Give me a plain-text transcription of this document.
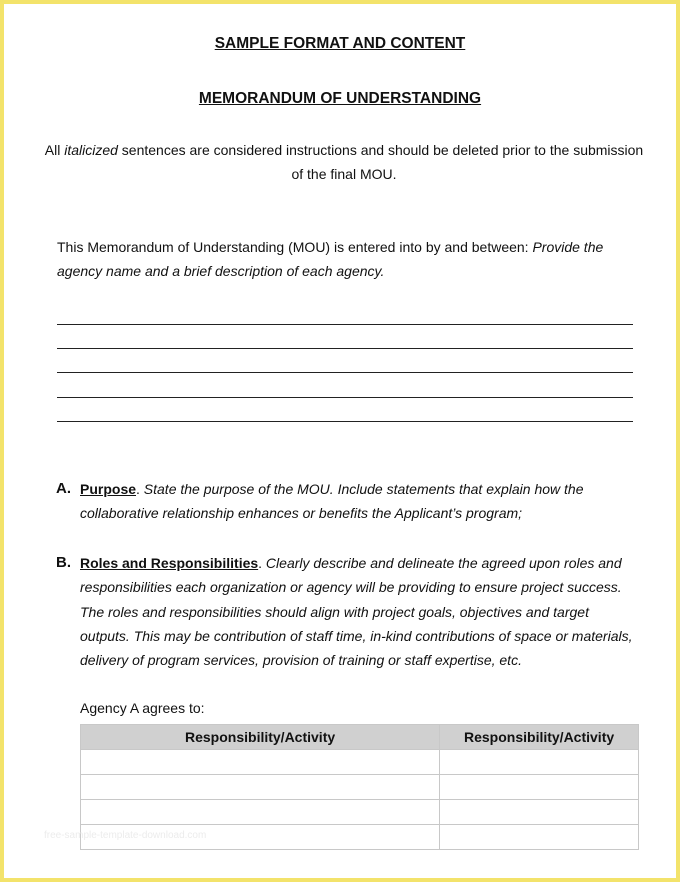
SAMPLE FORMAT AND CONTENT
MEMORANDUM OF UNDERSTANDING
All italicized sentences are considered instructions and should be deleted prior to the submission of the final MOU.
This Memorandum of Understanding (MOU) is entered into by and between: Provide the agency name and a brief description of each agency.
A. Purpose. State the purpose of the MOU. Include statements that explain how the collaborative relationship enhances or benefits the Applicant’s program;
B. Roles and Responsibilities. Clearly describe and delineate the agreed upon roles and responsibilities each organization or agency will be providing to ensure project success. The roles and responsibilities should align with project goals, objectives and target outputs. This may be contribution of staff time, in-kind contributions of space or materials, delivery of program services, provision of training or staff expertise, etc.
Agency A agrees to:
Responsibility/Activity	Responsibility/Activity

free-sample-template-download.com
